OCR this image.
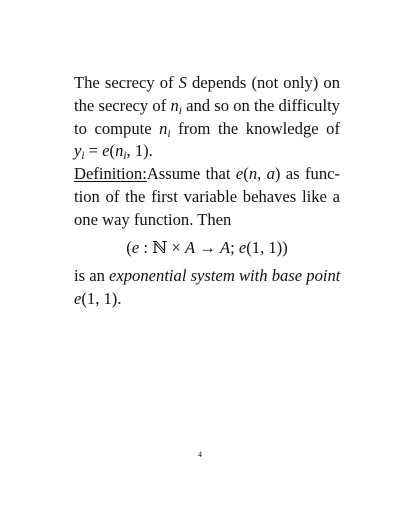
The secrecy of S depends (not only) on
the secrecy of $n_i$ and so on the difficulty
to compute $n_i$ from the knowledge of
$y_i = e(n_i$, 1).
Definition:Assume that e(n, a) as func-
tion of the first variable behaves like a
one way function. Then
(e : ℕ × A → A; e(1, 1))
is an exponential system with base point
e(1, 1).
4
